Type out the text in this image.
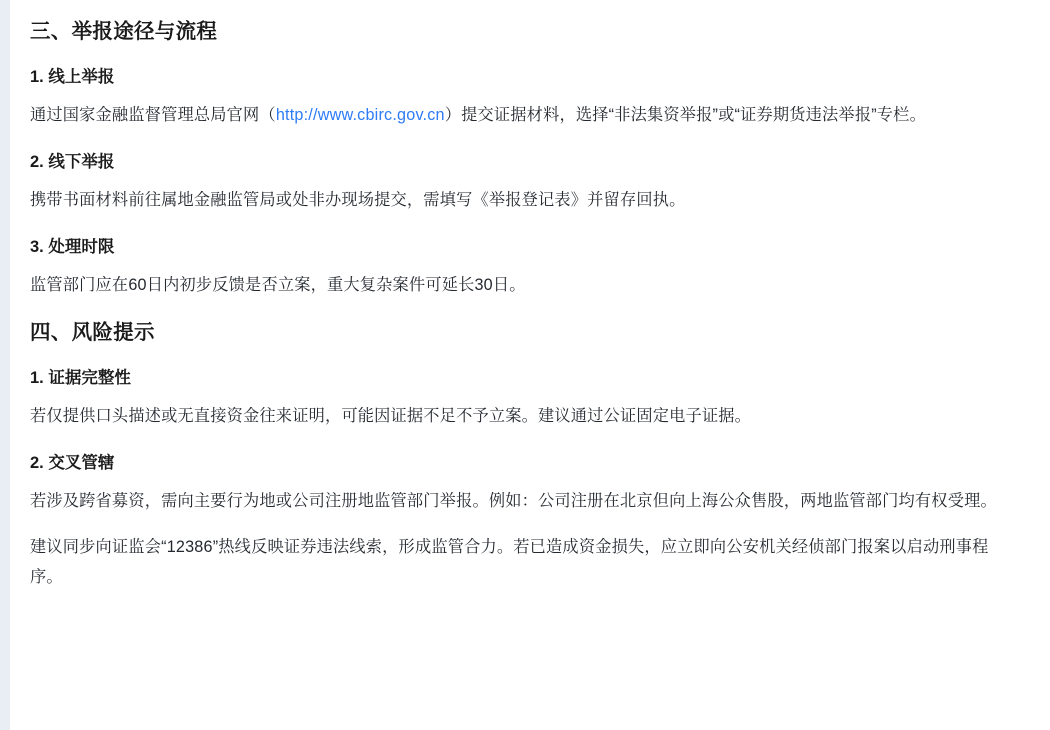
三、举报途径与流程
1. 线上举报

通过国家金融监督管理总局官网（http://www.cbirc.gov.cn）提交证据材料，选择“非法集资举报”或“证券期货违法举报”专栏。

2. 线下举报

携带书面材料前往属地金融监管局或处非办现场提交，需填写《举报登记表》并留存回执。

3. 处理时限

监管部门应在60日内初步反馈是否立案，重大复杂案件可延长30日。

四、风险提示
1. 证据完整性

若仅提供口头描述或无直接资金往来证明，可能因证据不足不予立案。建议通过公证固定电子证据。

2. 交叉管辖

若涉及跨省募资，需向主要行为地或公司注册地监管部门举报。例如：公司注册在北京但向上海公众售股，两地监管部门均有权受理。

建议同步向证监会“12386”热线反映证券违法线索，形成监管合力。若已造成资金损失，应立即向公安机关经侦部门报案以启动刑事程序。
